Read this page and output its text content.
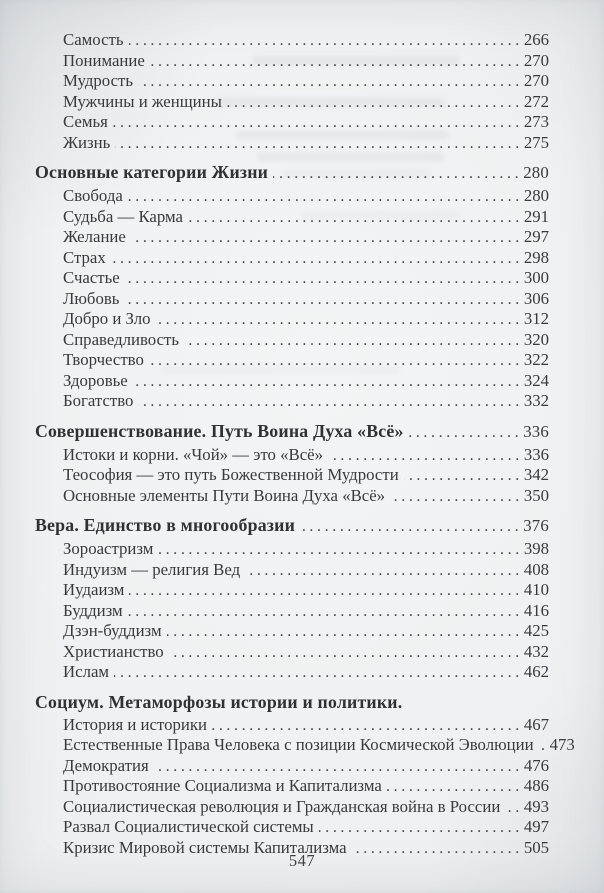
Самость .....	266
Понимание .....	270
Мудрость .....	270
Мужчины и женщины .....	272
Семья .....	273
Жизнь .....	275
Основные категории Жизни .....	280
Свобода .....	280
Судьба — Карма .....	291
Желание .....	297
Страх .....	298
Счастье .....	300
Любовь .....	306
Добро и Зло .....	312
Справедливость .....	320
Творчество .....	322
Здоровье .....	324
Богатство .....	332
Совершенствование. Путь Воина Духа «Всё» .....	336
Истоки и корни. «Чой» — это «Всё» .....	336
Теософия — это путь Божественной Мудрости .....	342
Основные элементы Пути Воина Духа «Всё» .....	350
Вера. Единство в многообразии .....	376
Зороастризм .....	398
Индуизм — религия Вед .....	408
Иудаизм .....	410
Буддизм .....	416
Дзэн-буддизм .....	425
Христианство .....	432
Ислам .....	462
Социум. Метаморфозы истории и политики.
История и историки .....	467
Естественные Права Человека с позиции Космической Эволюции ..... 473
Демократия .....	476
Противостояние Социализма и Капитализма .....	486
Социалистическая революция и Гражданская война в России ..... 493
Развал Социалистической системы .....	497
Кризис Мировой системы Капитализма .....	505
547
